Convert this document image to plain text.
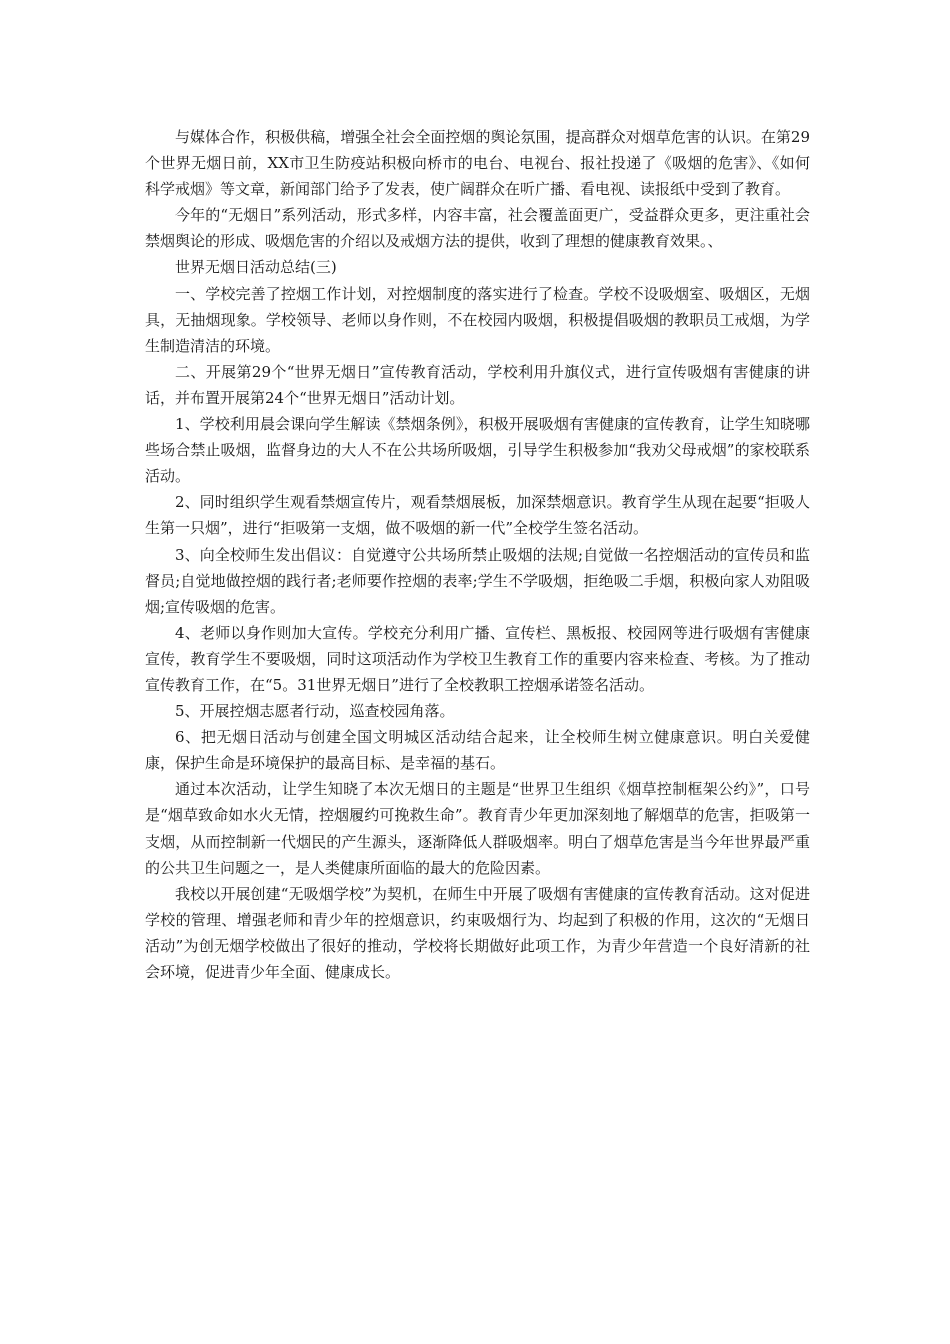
与媒体合作，积极供稿，增强全社会全面控烟的舆论氛围，提高群众对烟草危害的认识。在第29个世界无烟日前，XX市卫生防疫站积极向桥市的电台、电视台、报社投递了《吸烟的危害》、《如何科学戒烟》等文章，新闻部门给予了发表，使广阔群众在听广播、看电视、读报纸中受到了教育。

今年的“无烟日”系列活动，形式多样，内容丰富，社会覆盖面更广，受益群众更多，更注重社会禁烟舆论的形成、吸烟危害的介绍以及戒烟方法的提供，收到了理想的健康教育效果。、

世界无烟日活动总结(三)

一、学校完善了控烟工作计划，对控烟制度的落实进行了检查。学校不设吸烟室、吸烟区，无烟具，无抽烟现象。学校领导、老师以身作则，不在校园内吸烟，积极提倡吸烟的教职员工戒烟，为学生制造清洁的环境。

二、开展第29个“世界无烟日”宣传教育活动，学校利用升旗仪式，进行宣传吸烟有害健康的讲话，并布置开展第24个“世界无烟日”活动计划。

1、学校利用晨会课向学生解读《禁烟条例》，积极开展吸烟有害健康的宣传教育，让学生知晓哪些场合禁止吸烟，监督身边的大人不在公共场所吸烟，引导学生积极参加“我劝父母戒烟”的家校联系活动。

2、同时组织学生观看禁烟宣传片，观看禁烟展板，加深禁烟意识。教育学生从现在起要“拒吸人生第一只烟”，进行“拒吸第一支烟，做不吸烟的新一代”全校学生签名活动。

3、向全校师生发出倡议：自觉遵守公共场所禁止吸烟的法规;自觉做一名控烟活动的宣传员和监督员;自觉地做控烟的践行者;老师要作控烟的表率;学生不学吸烟，拒绝吸二手烟，积极向家人劝阻吸烟;宣传吸烟的危害。

4、老师以身作则加大宣传。学校充分利用广播、宣传栏、黑板报、校园网等进行吸烟有害健康宣传，教育学生不要吸烟，同时这项活动作为学校卫生教育工作的重要内容来检查、考核。为了推动宣传教育工作，在“5。31世界无烟日”进行了全校教职工控烟承诺签名活动。

5、开展控烟志愿者行动，巡查校园角落。

6、把无烟日活动与创建全国文明城区活动结合起来，让全校师生树立健康意识。明白关爱健康，保护生命是环境保护的最高目标、是幸福的基石。

通过本次活动，让学生知晓了本次无烟日的主题是“世界卫生组织《烟草控制框架公约》”，口号是“烟草致命如水火无情，控烟履约可挽救生命”。教育青少年更加深刻地了解烟草的危害，拒吸第一支烟，从而控制新一代烟民的产生源头，逐渐降低人群吸烟率。明白了烟草危害是当今年世界最严重的公共卫生问题之一，是人类健康所面临的最大的危险因素。

我校以开展创建“无吸烟学校”为契机，在师生中开展了吸烟有害健康的宣传教育活动。这对促进学校的管理、增强老师和青少年的控烟意识，约束吸烟行为、均起到了积极的作用，这次的“无烟日活动”为创无烟学校做出了很好的推动，学校将长期做好此项工作，为青少年营造一个良好清新的社会环境，促进青少年全面、健康成长。
